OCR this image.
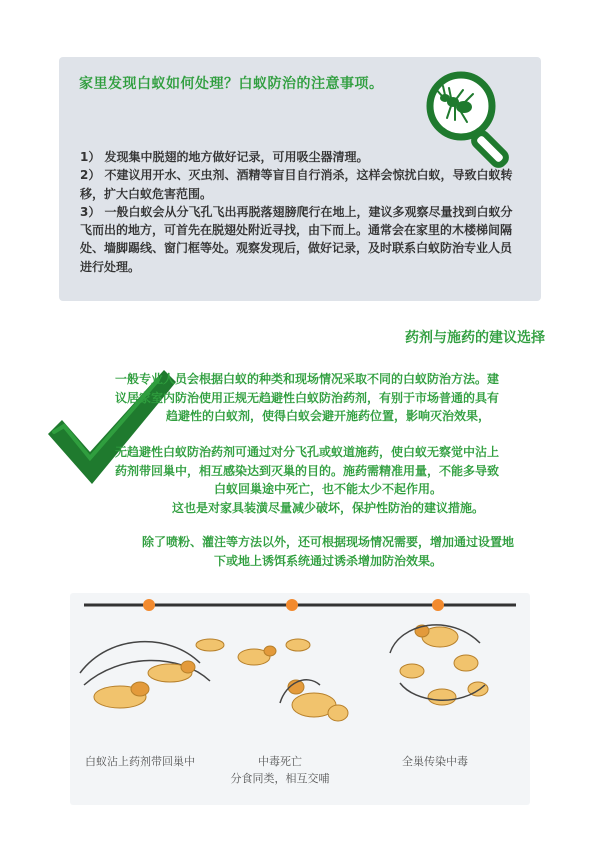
家里发现白蚁如何处理？白蚁防治的注意事项。

1） 发现集中脱翅的地方做好记录，可用吸尘器清理。

2） 不建议用开水、灭虫剂、酒精等盲目自行消杀，这样会惊扰白蚁，导致白蚁转移，扩大白蚁危害范围。

3） 一般白蚁会从分飞孔飞出再脱落翅膀爬行在地上，建议多观察尽量找到白蚁分飞而出的地方，可首先在脱翅处附近寻找，由下而上。通常会在家里的木楼梯间隔处、墙脚踢线、窗门框等处。观察发现后，做好记录，及时联系白蚁防治专业人员进行处理。

药剂与施药的建议选择

一般专业人员会根据白蚁的种类和现场情况采取不同的白蚁防治方法。建

议居家室内防治使用正规无趋避性白蚁防治药剂，有别于市场普通的具有

趋避性的白蚁剂，使得白蚁会避开施药位置，影响灭治效果，

无趋避性白蚁防治药剂可通过对分飞孔或蚁道施药，使白蚁无察觉中沾上

药剂带回巢中，相互感染达到灭巢的目的。施药需精准用量，不能多导致

白蚁回巢途中死亡，也不能太少不起作用。

这也是对家具装潢尽量减少破坏，保护性防治的建议措施。

除了喷粉、灌注等方法以外，还可根据现场情况需要，增加通过设置地

下或地上诱饵系统通过诱杀增加防治效果。

白蚁沾上药剂带回巢中	中毒死亡
分食同类，相互交哺
全巢传染中毒
